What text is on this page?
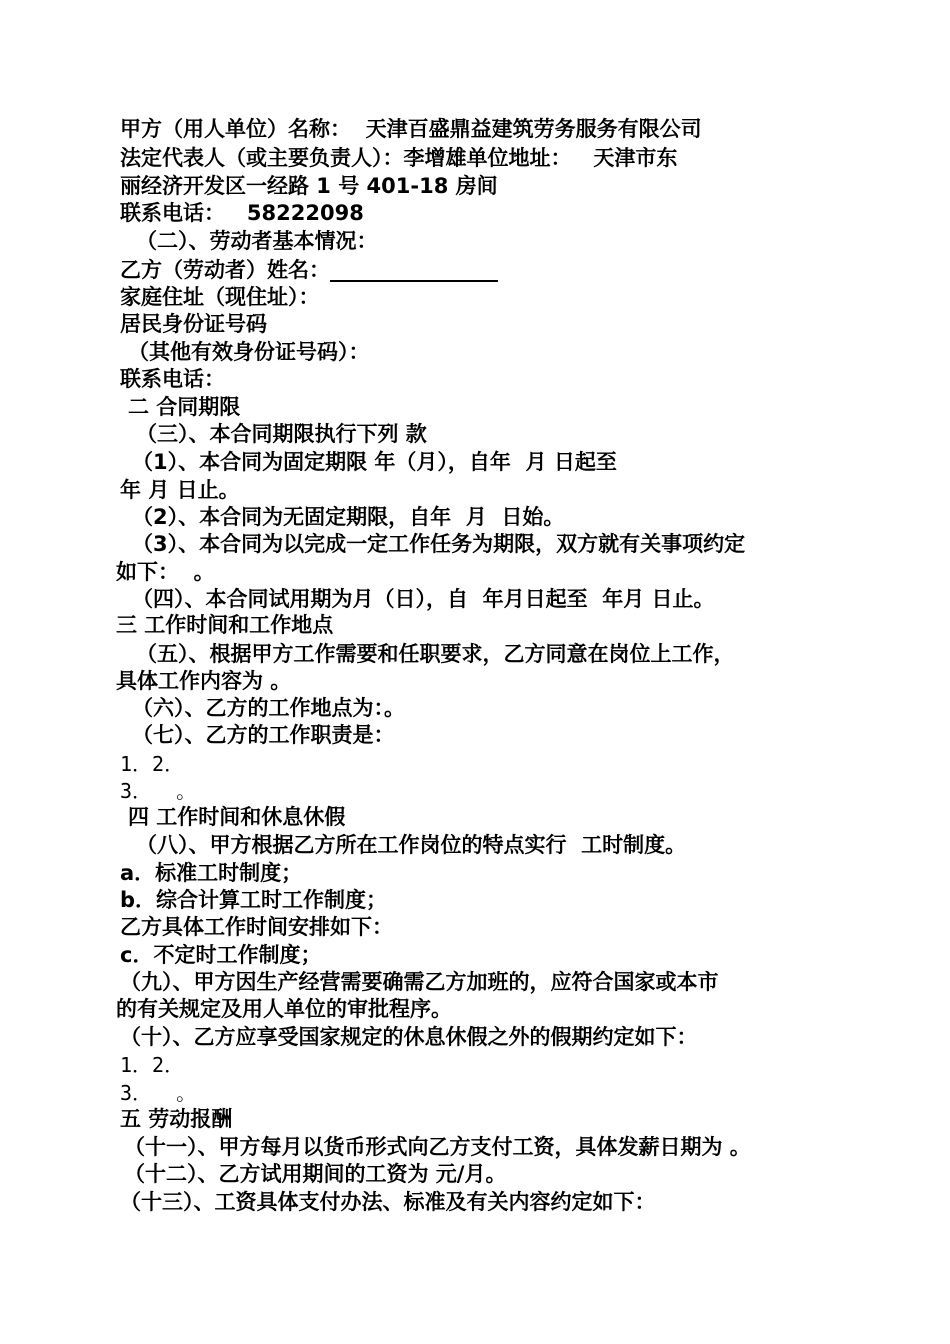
甲方（用人单位）名称：  天津百盛鼎益建筑劳务服务有限公司
法定代表人（或主要负责人）：李增雄单位地址：   天津市东
丽经济开发区一经路 1 号 401-18 房间
联系电话：   58222098
（二）、劳动者基本情况：
乙方（劳动者）姓名：________________
家庭住址（现住址）：
居民身份证号码
（其他有效身份证号码）：
联系电话：
二 合同期限
（三）、本合同期限执行下列 款
（1）、本合同为固定期限 年（月），自年  月 日起至
年 月 日止。
（2）、本合同为无固定期限，自年  月  日始。
（3）、本合同为以完成一定工作任务为期限，双方就有关事项约定
如下：  。
（四）、本合同试用期为月（日），自  年月日起至  年月 日止。
三 工作时间和工作地点
（五）、根据甲方工作需要和任职要求，乙方同意在岗位上工作，
具体工作内容为 。
（六）、乙方的工作地点为：。
（七）、乙方的工作职责是：
1．2．
3．  。
四 工作时间和休息休假
（八）、甲方根据乙方所在工作岗位的特点实行  工时制度。
a．标准工时制度；
b．综合计算工时工作制度；
乙方具体工作时间安排如下：
c．不定时工作制度；
（九）、甲方因生产经营需要确需乙方加班的，应符合国家或本市
的有关规定及用人单位的审批程序。
（十）、乙方应享受国家规定的休息休假之外的假期约定如下：
1．2．
3．  。
五 劳动报酬
（十一）、甲方每月以货币形式向乙方支付工资，具体发薪日期为 。
（十二）、乙方试用期间的工资为 元/月。
（十三）、工资具体支付办法、标准及有关内容约定如下：
